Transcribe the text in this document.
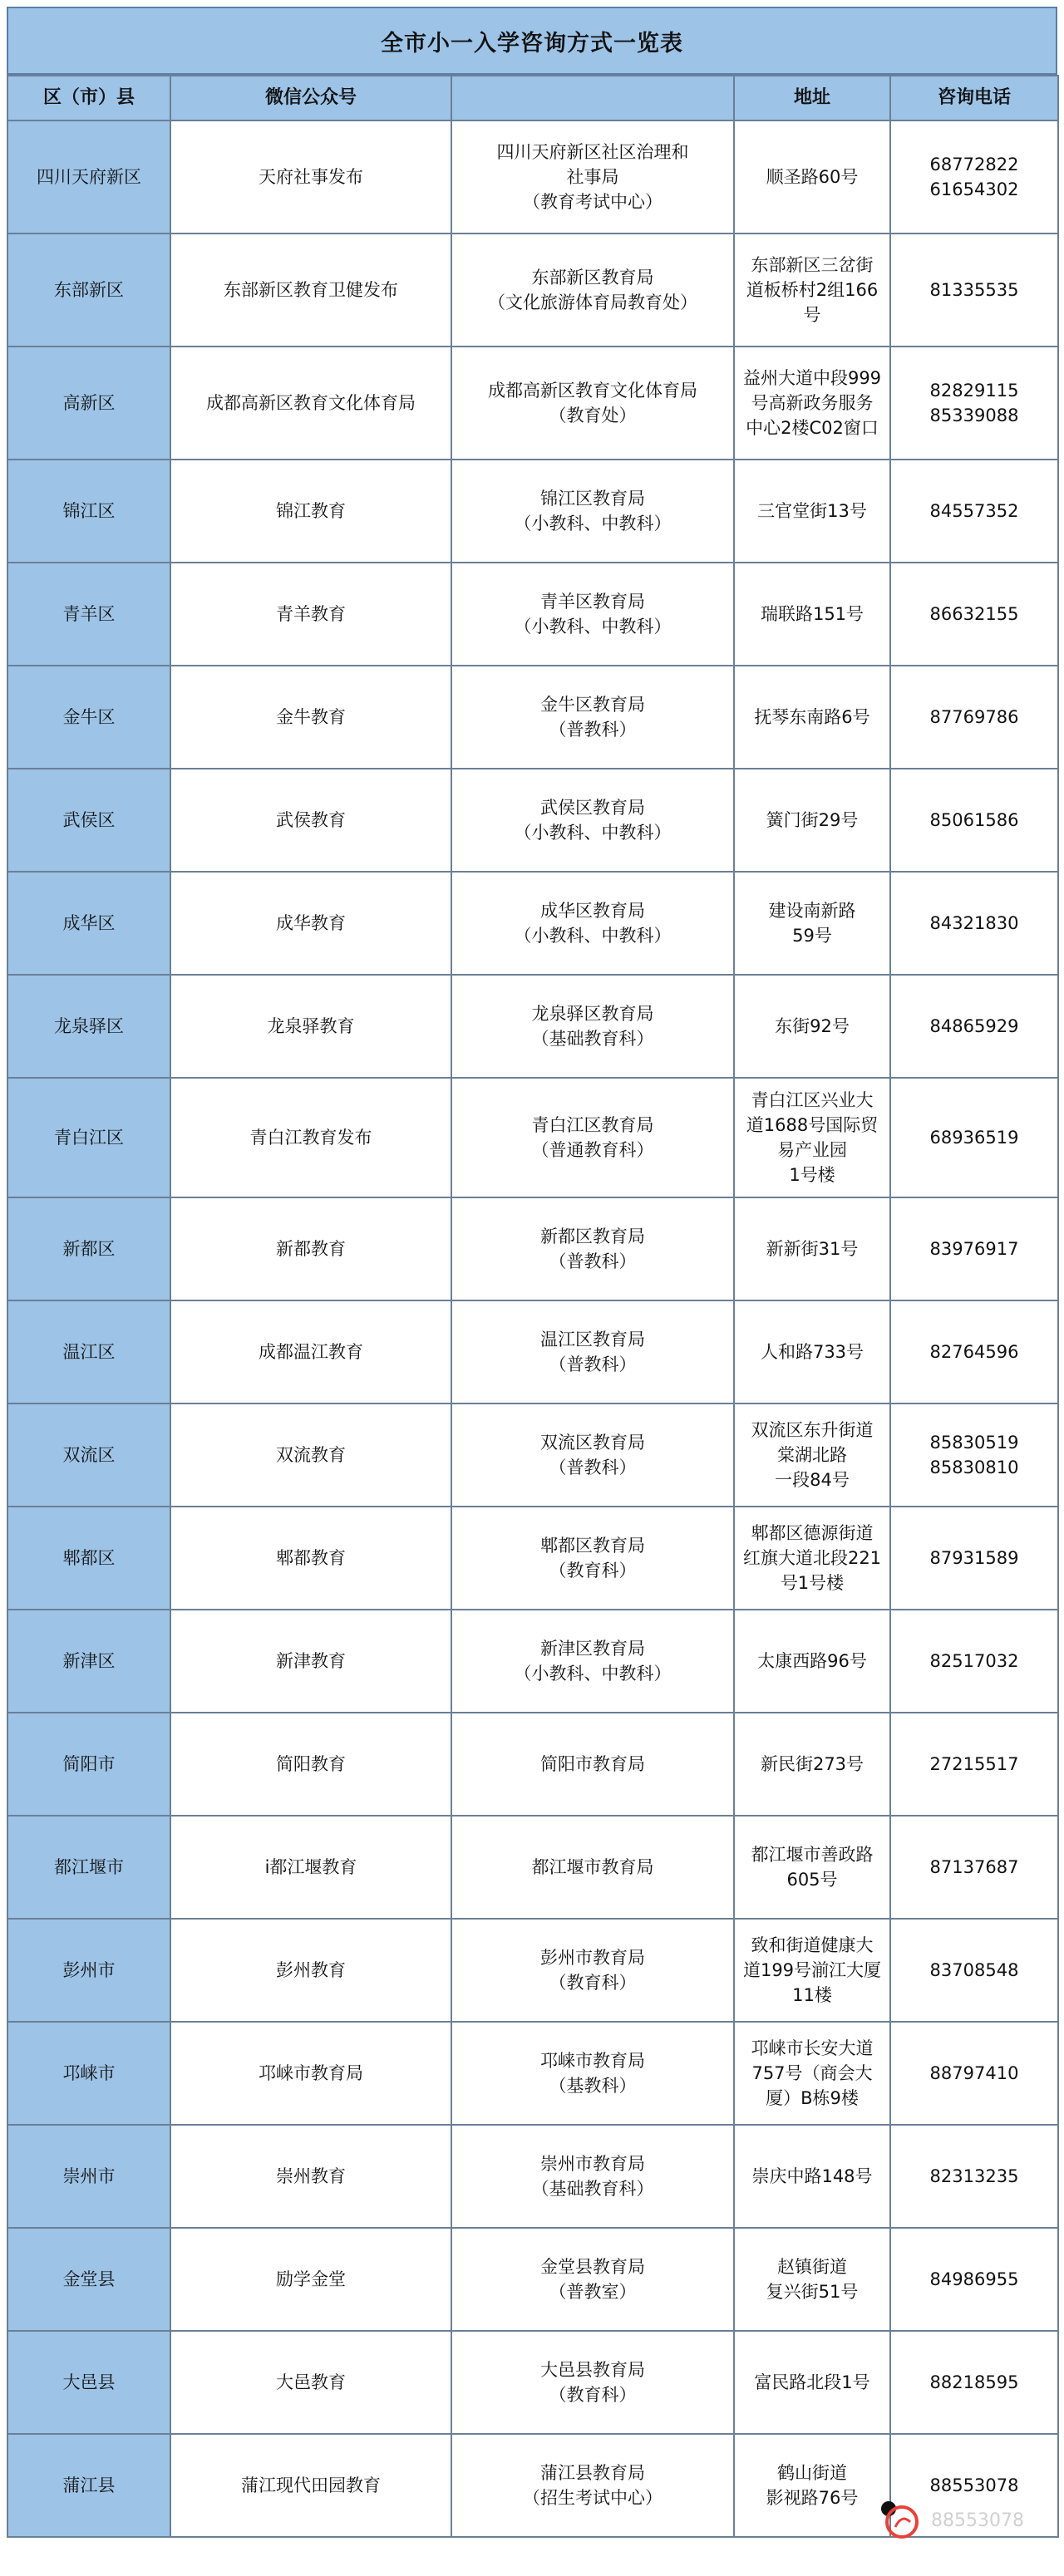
全市小一入学咨询方式一览表
区（市）县	微信公众号		地址	咨询电话
四川天府新区	天府社事发布	四川天府新区社区治理和
社事局
（教育考试中心）	顺圣路60号	68772822
61654302

东部新区	东部新区教育卫健发布	东部新区教育局
（文化旅游体育局教育处）	东部新区三岔街
道板桥村2组166
号	81335535

高新区	成都高新区教育文化体育局	成都高新区教育文化体育局
（教育处）	益州大道中段999
号高新政务服务
中心2楼C02窗口	82829115
85339088

锦江区	锦江教育	锦江区教育局
（小教科、中教科）	三官堂街13号	84557352

青羊区	青羊教育	青羊区教育局
（小教科、中教科）	瑞联路151号	86632155

金牛区	金牛教育	金牛区教育局
（普教科）	抚琴东南路6号	87769786

武侯区	武侯教育	武侯区教育局
（小教科、中教科）	簧门街29号	85061586

成华区	成华教育	成华区教育局
（小教科、中教科）	建设南新路
59号	84321830

龙泉驿区	龙泉驿教育	龙泉驿区教育局
（基础教育科）	东街92号	84865929

青白江区	青白江教育发布	青白江区教育局
（普通教育科）	青白江区兴业大
道1688号国际贸
易产业园
1号楼	68936519

新都区	新都教育	新都区教育局
（普教科）	新新街31号	83976917

温江区	成都温江教育	温江区教育局
（普教科）	人和路733号	82764596

双流区	双流教育	双流区教育局
（普教科）	双流区东升街道
棠湖北路
一段84号	85830519
85830810

郫都区	郫都教育	郫都区教育局
（教育科）	郫都区德源街道
红旗大道北段221
号1号楼	87931589

新津区	新津教育	新津区教育局
（小教科、中教科）	太康西路96号	82517032

简阳市	简阳教育	简阳市教育局	新民街273号	27215517

都江堰市	i都江堰教育	都江堰市教育局	都江堰市善政路
605号	87137687

彭州市	彭州教育	彭州市教育局
（教育科）	致和街道健康大
道199号湔江大厦
11楼	83708548

邛崃市	邛崃市教育局	邛崃市教育局
（基教科）	邛崃市长安大道
757号（商会大
厦）B栋9楼	88797410

崇州市	崇州教育	崇州市教育局
（基础教育科）	崇庆中路148号	82313235

金堂县	励学金堂	金堂县教育局
（普教室）	赵镇街道
复兴街51号	84986955

大邑县	大邑教育	大邑县教育局
（教育科）	富民路北段1号	88218595

蒲江县	蒲江现代田园教育	蒲江县教育局
（招生考试中心）	鹤山街道
影视路76号	88553078
88553078
